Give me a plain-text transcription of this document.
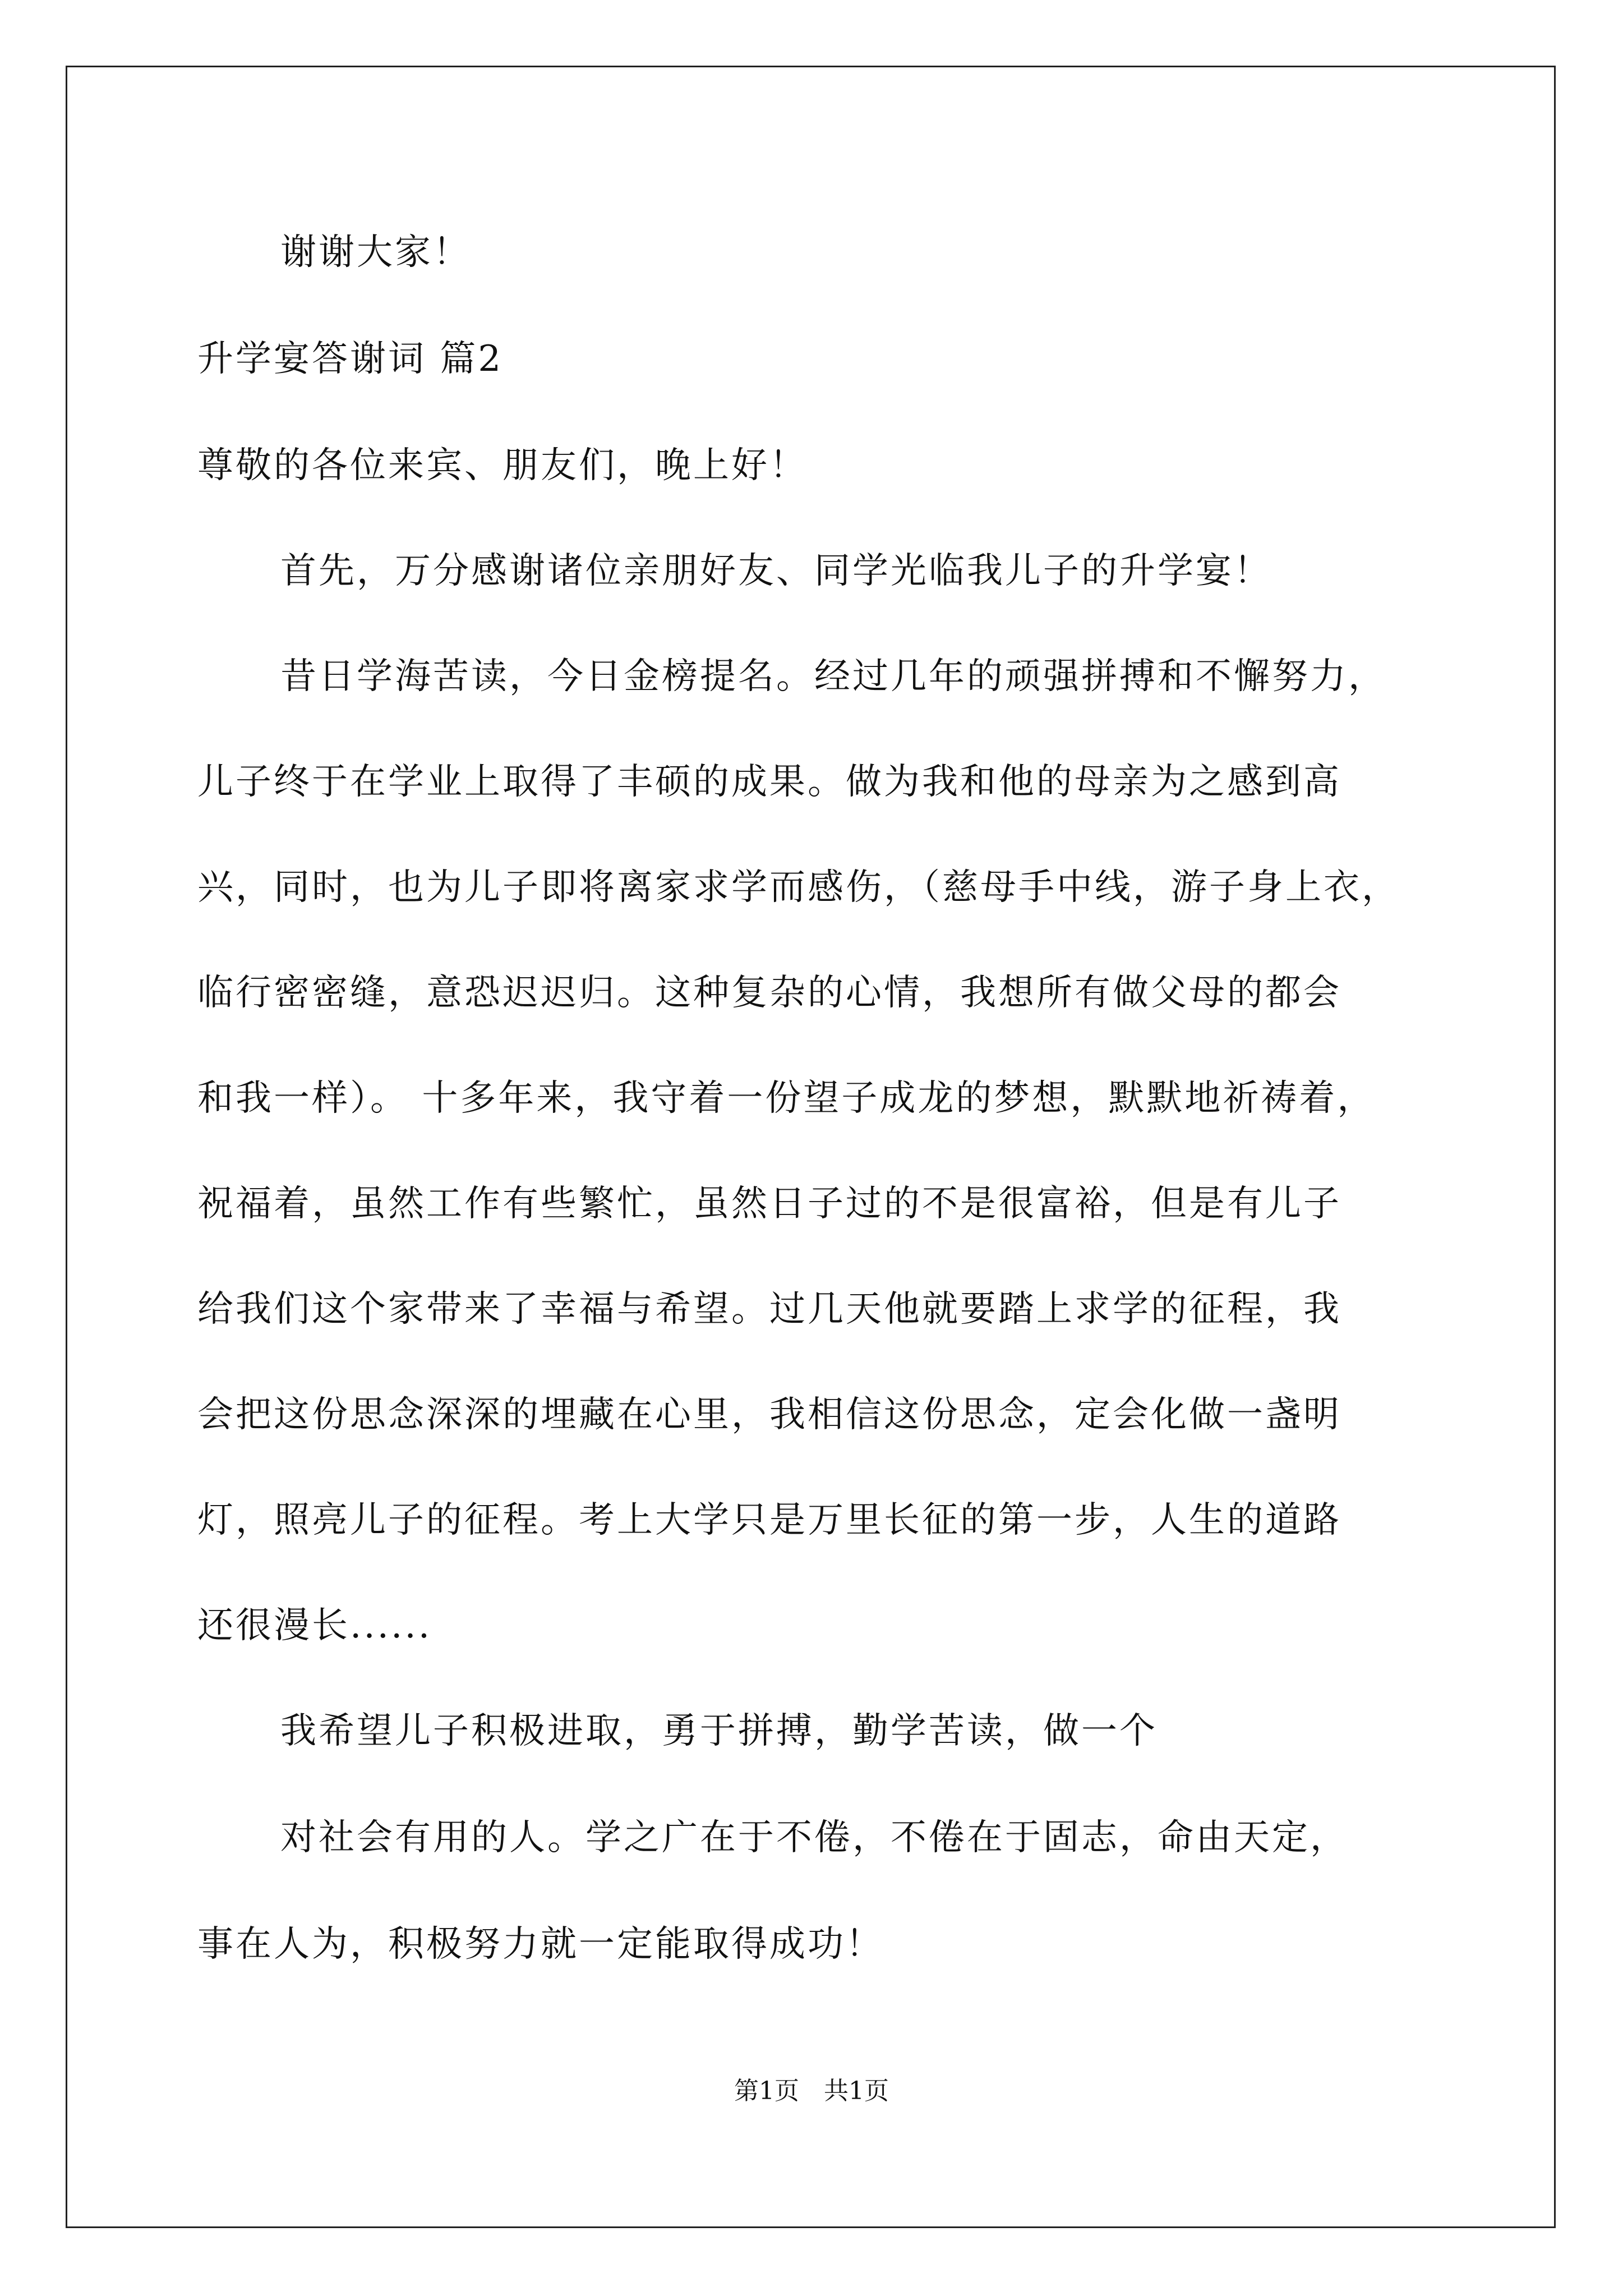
谢谢大家！
升学宴答谢词 篇2
尊敬的各位来宾、朋友们，晚上好！
首先，万分感谢诸位亲朋好友、同学光临我儿子的升学宴！
昔日学海苦读，今日金榜提名。经过几年的顽强拼搏和不懈努力，
儿子终于在学业上取得了丰硕的成果。做为我和他的母亲为之感到高
兴，同时，也为儿子即将离家求学而感伤，（慈母手中线，游子身上衣，
临行密密缝，意恐迟迟归。这种复杂的心情，我想所有做父母的都会
和我一样）。 十多年来，我守着一份望子成龙的梦想，默默地祈祷着，
祝福着，虽然工作有些繁忙，虽然日子过的不是很富裕，但是有儿子
给我们这个家带来了幸福与希望。过几天他就要踏上求学的征程，我
会把这份思念深深的埋藏在心里，我相信这份思念，定会化做一盏明
灯，照亮儿子的征程。考上大学只是万里长征的第一步，人生的道路
还很漫长......
我希望儿子积极进取，勇于拼搏，勤学苦读，做一个
对社会有用的人。学之广在于不倦，不倦在于固志，命由天定，
事在人为，积极努力就一定能取得成功！
第1页 共1页
